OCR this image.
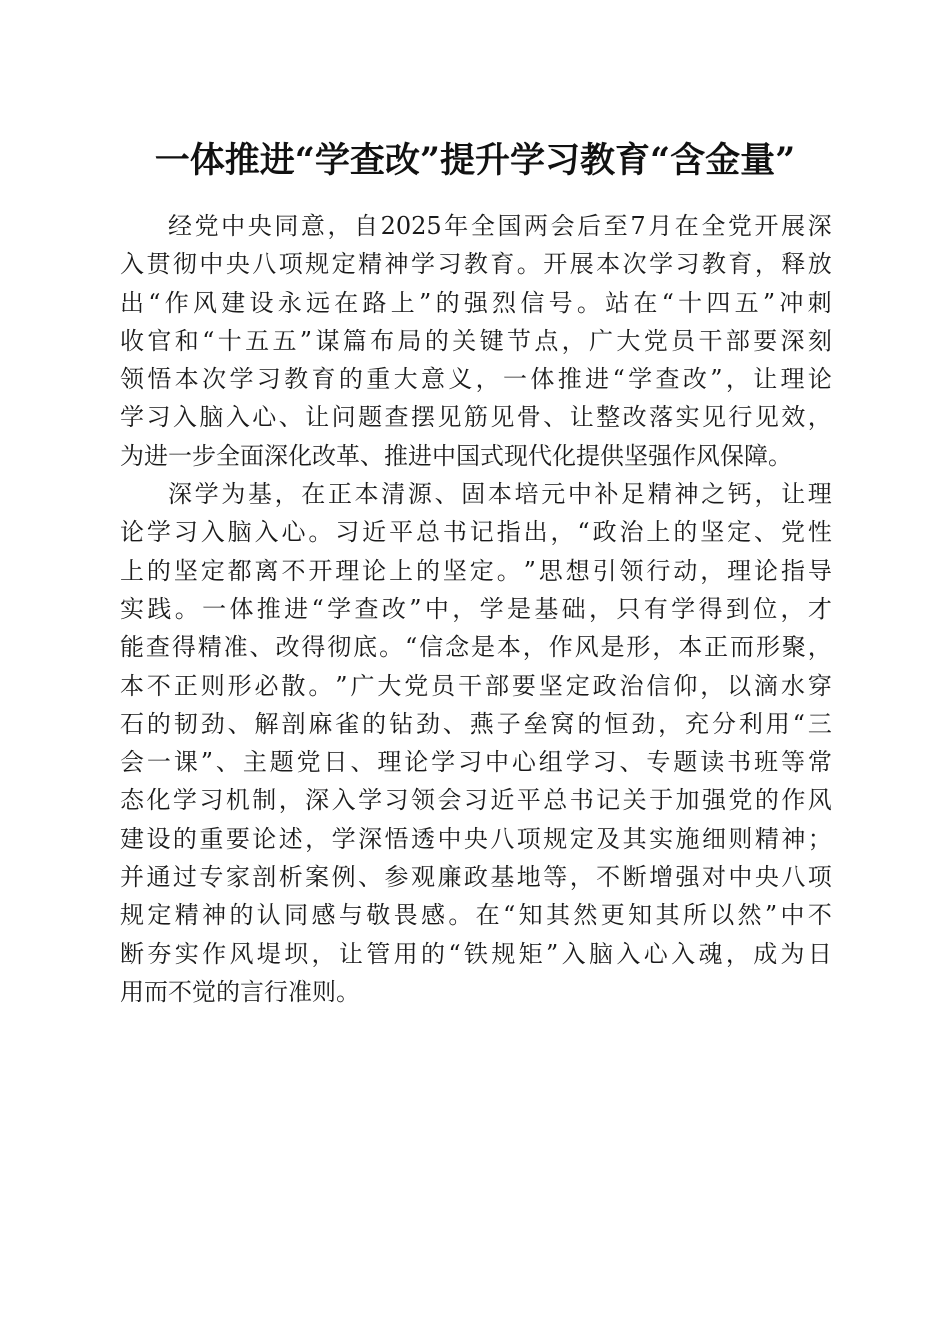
一体推进“学查改”提升学习教育“含金量”
经 党 中 央 同 意 ， 自 2025 年 全 国 两 会 后 至 7 月 在 全 党 开 展 深
入 贯 彻 中 央 八 项 规 定 精 神 学 习 教 育 。 开 展 本 次 学 习 教 育 ， 释 放
出 “ 作 风 建 设 永 远 在 路 上 ” 的 强 烈 信 号 。 站 在 “ 十 四 五 ” 冲 刺
收 官 和 “ 十 五 五 ” 谋 篇 布 局 的 关 键 节 点 ， 广 大 党 员 干 部 要 深 刻
领 悟 本 次 学 习 教 育 的 重 大 意 义 ， 一 体 推 进 “ 学 查 改 ” ， 让 理 论
学 习 入 脑 入 心 、 让 问 题 查 摆 见 筋 见 骨 、 让 整 改 落 实 见 行 见 效 ，
为 进 一 步 全 面 深 化 改 革 、 推 进 中 国 式 现 代 化 提 供 坚 强 作 风 保 障 。
深 学 为 基 ， 在 正 本 清 源 、 固 本 培 元 中 补 足 精 神 之 钙 ， 让 理
论 学 习 入 脑 入 心 。 习 近 平 总 书 记 指 出 ， “ 政 治 上 的 坚 定 、 党 性
上 的 坚 定 都 离 不 开 理 论 上 的 坚 定 。 ” 思 想 引 领 行 动 ， 理 论 指 导
实 践 。 一 体 推 进 “ 学 查 改 ” 中 ， 学 是 基 础 ， 只 有 学 得 到 位 ， 才
能 查 得 精 准 、 改 得 彻 底 。 “ 信 念 是 本 ， 作 风 是 形 ， 本 正 而 形 聚 ，
本 不 正 则 形 必 散 。 ” 广 大 党 员 干 部 要 坚 定 政 治 信 仰 ， 以 滴 水 穿
石 的 韧 劲 、 解 剖 麻 雀 的 钻 劲 、 燕 子 垒 窝 的 恒 劲 ， 充 分 利 用 “ 三
会 一 课 ” 、 主 题 党 日 、 理 论 学 习 中 心 组 学 习 、 专 题 读 书 班 等 常
态 化 学 习 机 制 ， 深 入 学 习 领 会 习 近 平 总 书 记 关 于 加 强 党 的 作 风
建 设 的 重 要 论 述 ， 学 深 悟 透 中 央 八 项 规 定 及 其 实 施 细 则 精 神 ；
并 通 过 专 家 剖 析 案 例 、 参 观 廉 政 基 地 等 ， 不 断 增 强 对 中 央 八 项
规 定 精 神 的 认 同 感 与 敬 畏 感 。 在 “ 知 其 然 更 知 其 所 以 然 ” 中 不
断 夯 实 作 风 堤 坝 ， 让 管 用 的 “ 铁 规 矩 ” 入 脑 入 心 入 魂 ， 成 为 日
用 而 不 觉 的 言 行 准 则 。
